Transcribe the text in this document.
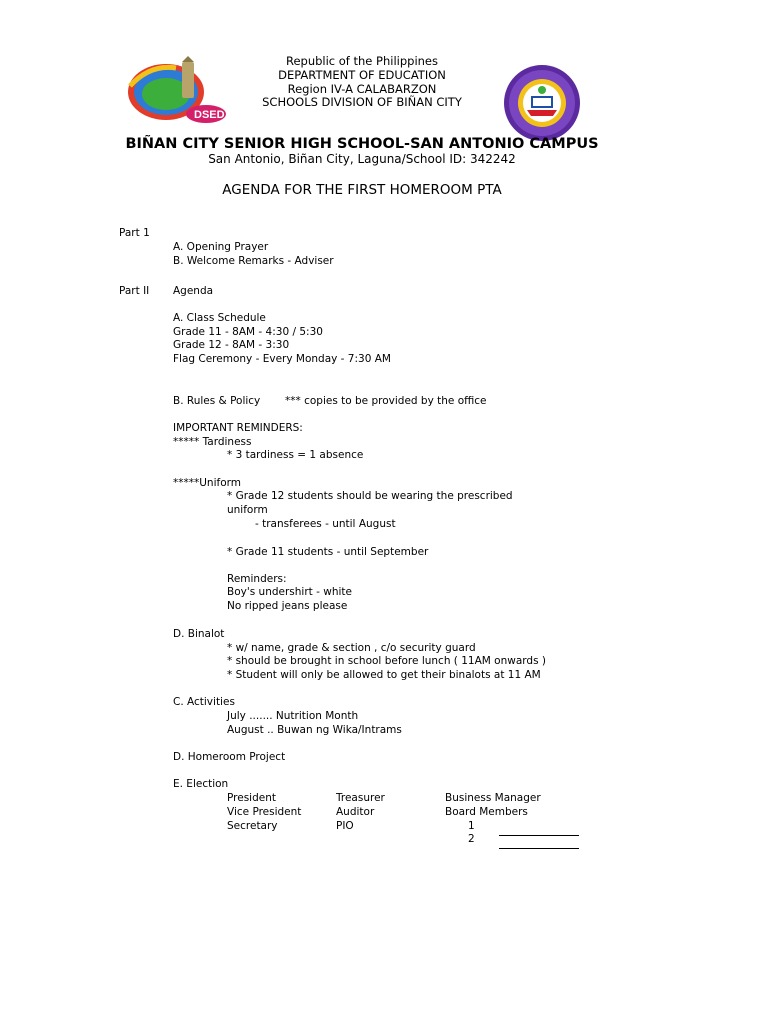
DSED
Republic of the Philippines
DEPARTMENT OF EDUCATION
Region IV-A CALABARZON
SCHOOLS DIVISION OF BIÑAN CITY
BIÑAN CITY SENIOR HIGH SCHOOL-SAN ANTONIO CAMPUS
San Antonio, Biñan City, Laguna/School ID: 342242
AGENDA FOR THE FIRST HOMEROOM PTA
Part 1
A. Opening Prayer
B. Welcome Remarks - Adviser
Part II Agenda
A. Class Schedule
Grade 11 - 8AM - 4:30 / 5:30
Grade 12 - 8AM - 3:30
Flag Ceremony - Every Monday - 7:30 AM
B. Rules & Policy *** copies to be provided by the office
IMPORTANT REMINDERS:
***** Tardiness
* 3 tardiness = 1 absence
*****Uniform
* Grade 12 students should be wearing the prescribed
uniform
- transferees - until August
* Grade 11 students - until September
Reminders:
Boy's undershirt - white
No ripped jeans please
D. Binalot
* w/ name, grade & section , c/o security guard
* should be brought in school before lunch ( 11AM onwards )
* Student will only be allowed to get their binalots at 11 AM
C. Activities
July ....... Nutrition Month
August .. Buwan ng Wika/Intrams
D. Homeroom Project
E. Election
President
Vice President
Secretary
Treasurer
Auditor
PIO
Business Manager
Board Members
1
2
